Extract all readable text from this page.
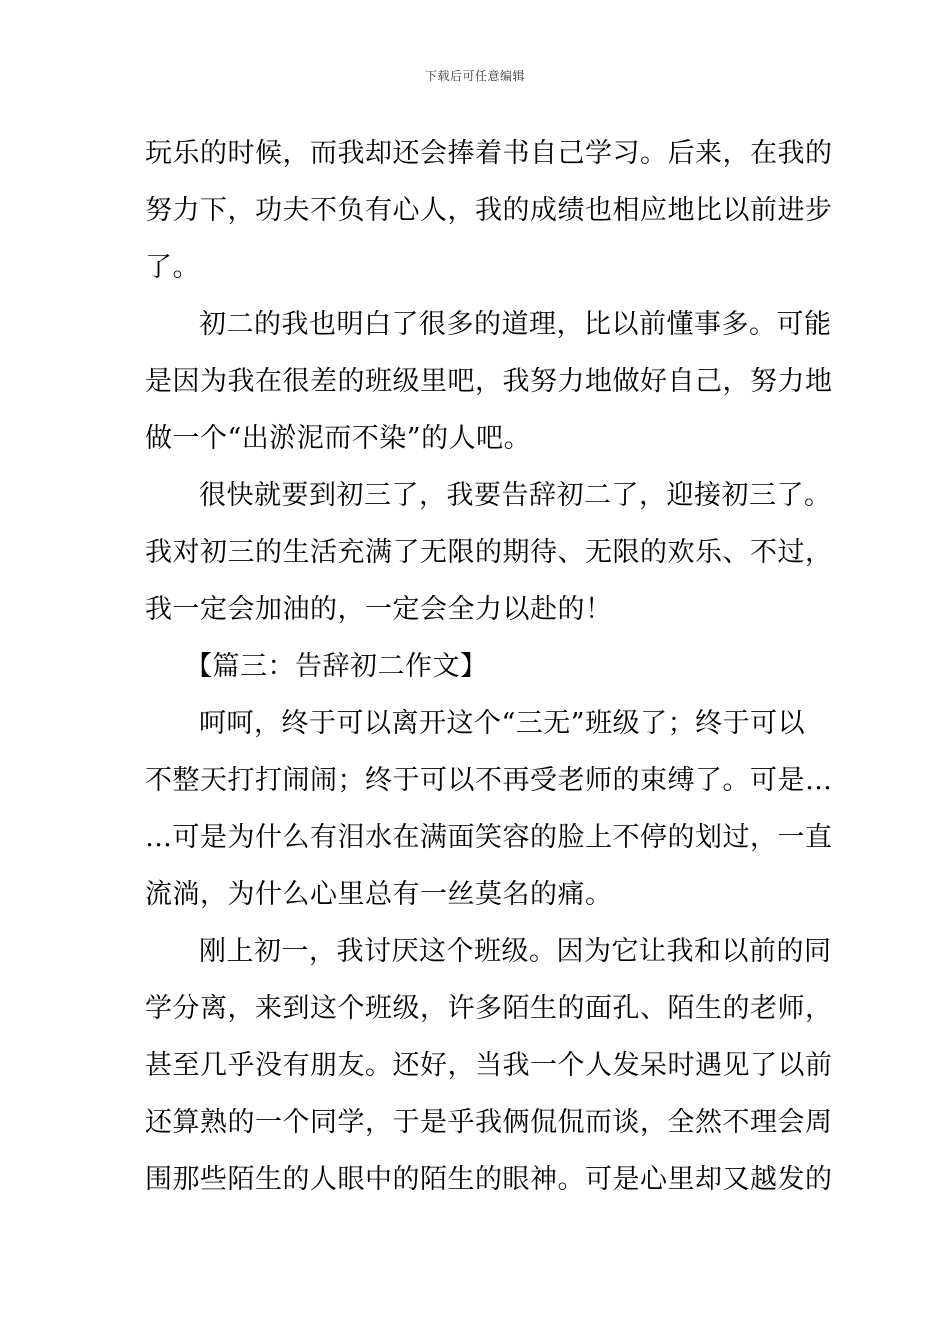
下载后可任意编辑
玩乐的时候，而我却还会捧着书自己学习。后来，在我的
努力下，功夫不负有心人，我的成绩也相应地比以前进步
了。
初二的我也明白了很多的道理，比以前懂事多。可能
是因为我在很差的班级里吧，我努力地做好自己，努力地
做一个“出淤泥而不染”的人吧。
很快就要到初三了，我要告辞初二了，迎接初三了。
我对初三的生活充满了无限的期待、无限的欢乐、不过，
我一定会加油的，一定会全力以赴的！
【篇三：告辞初二作文】
呵呵，终于可以离开这个“三无”班级了；终于可以
不整天打打闹闹；终于可以不再受老师的束缚了。可是…
…可是为什么有泪水在满面笑容的脸上不停的划过，一直
流淌，为什么心里总有一丝莫名的痛。
刚上初一，我讨厌这个班级。因为它让我和以前的同
学分离，来到这个班级，许多陌生的面孔、陌生的老师，
甚至几乎没有朋友。还好，当我一个人发呆时遇见了以前
还算熟的一个同学，于是乎我俩侃侃而谈，全然不理会周
围那些陌生的人眼中的陌生的眼神。可是心里却又越发的
